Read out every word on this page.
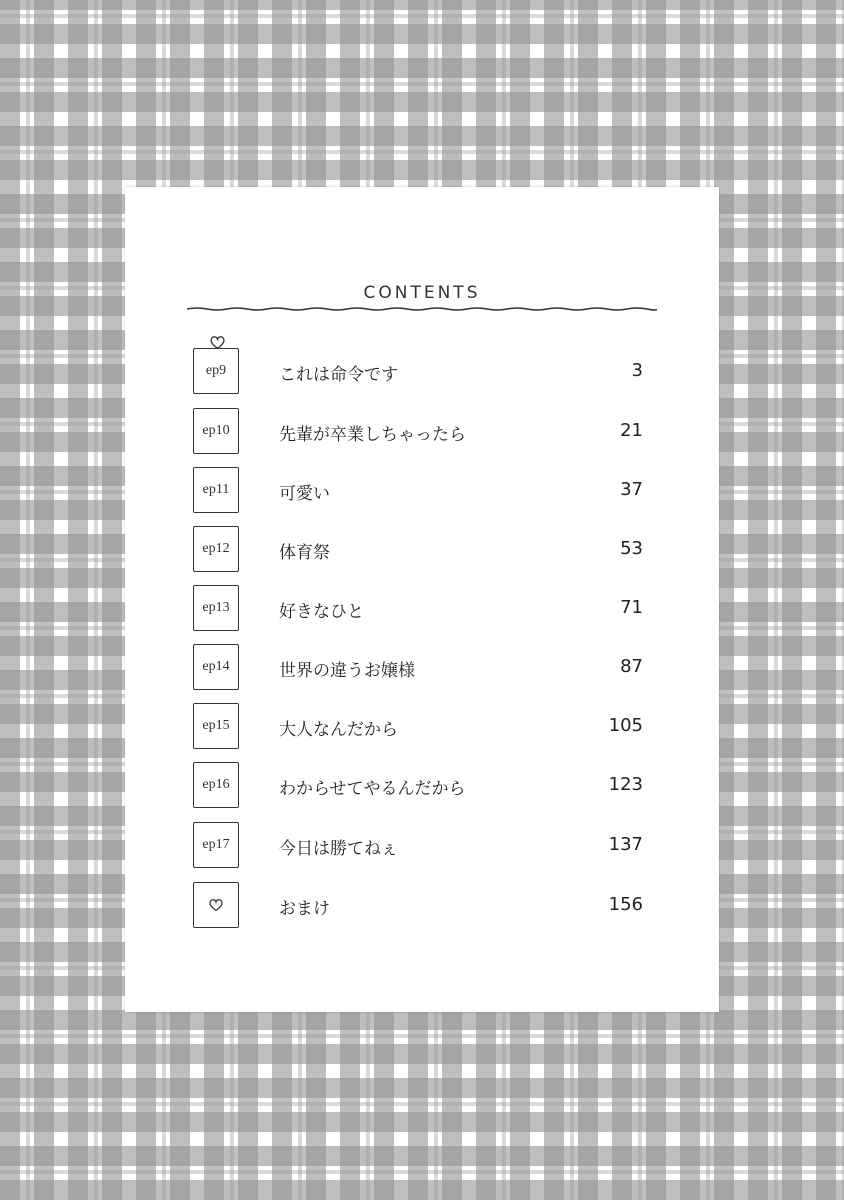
CONTENTS
ep9	これは命令です	3
ep10	先輩が卒業しちゃったら	21
ep11	可愛い	37
ep12	体育祭	53
ep13	好きなひと	71
ep14	世界の違うお嬢様	87
ep15	大人なんだから	105
ep16	わからせてやるんだから	123
ep17	今日は勝てねぇ	137
おまけ	156
